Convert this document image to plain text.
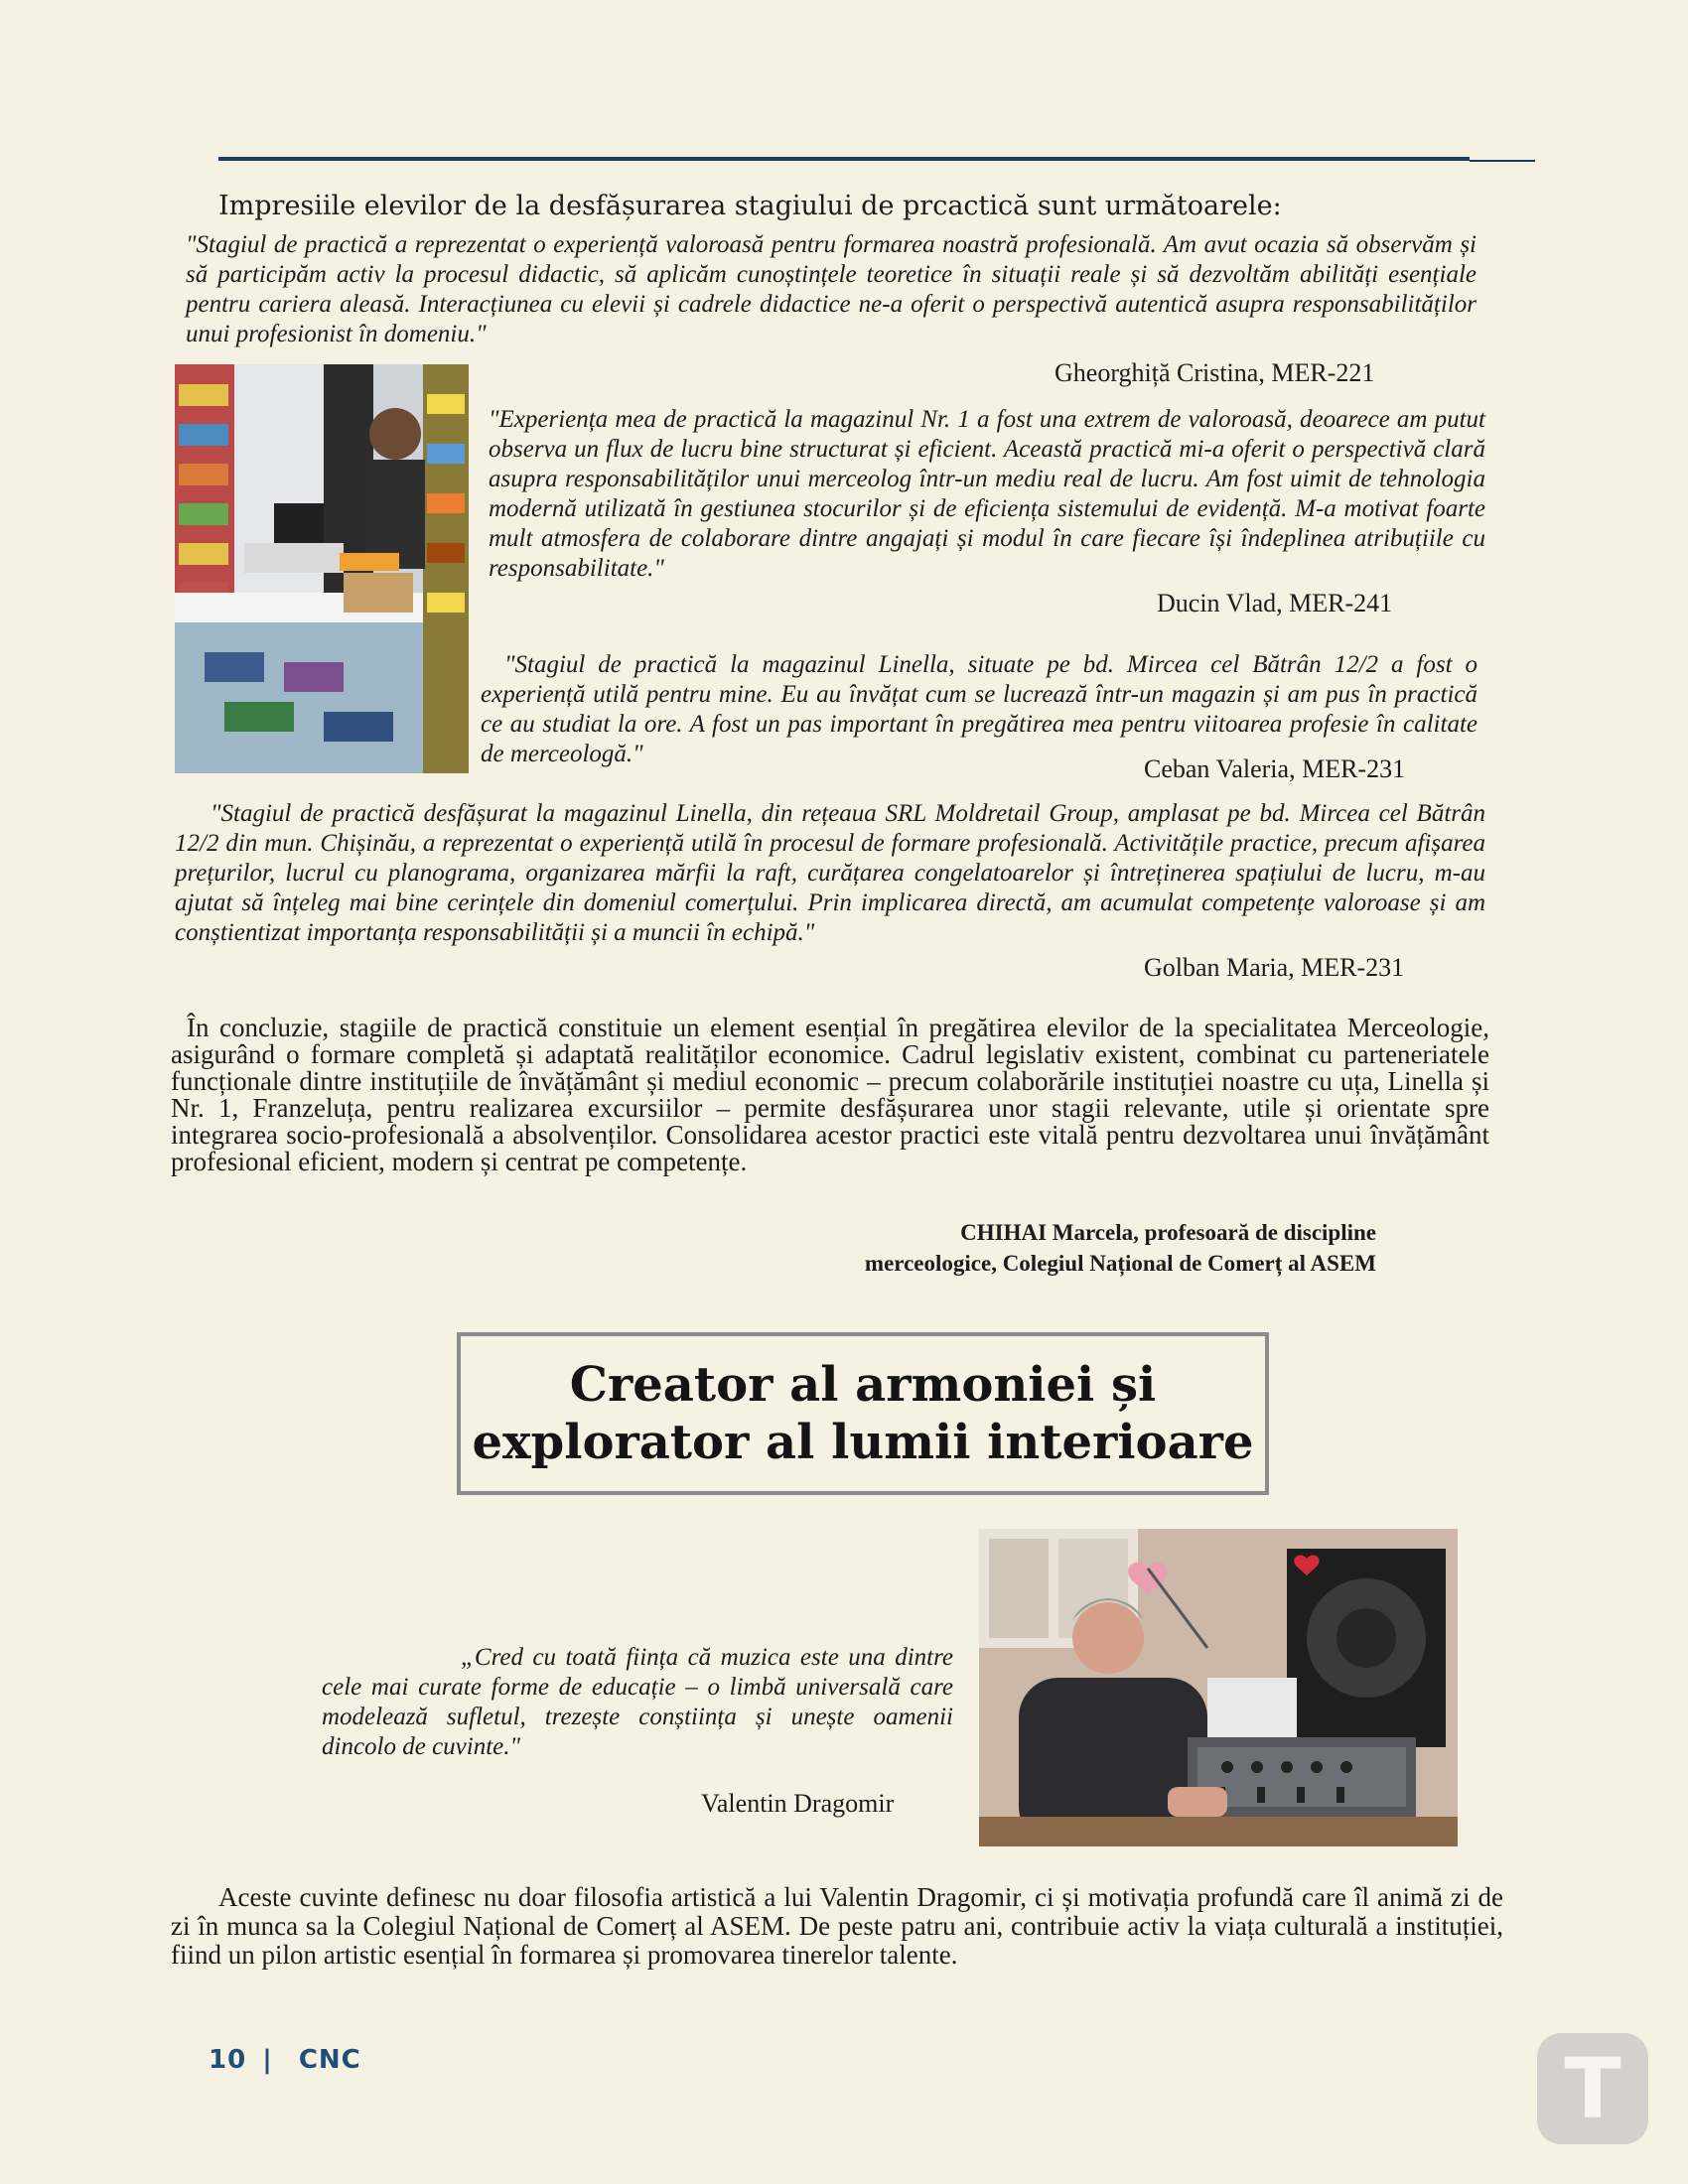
Impresiile elevilor de la desfășurarea stagiului de prcactică sunt următoarele:

"Stagiul de practică a reprezentat o experiență valoroasă pentru formarea noastră profesională. Am avut ocazia să observăm și să participăm activ la procesul didactic, să aplicăm cunoștințele teoretice în situații reale și să dezvoltăm abilități esențiale pentru cariera aleasă. Interacțiunea cu elevii și cadrele didactice ne-a oferit o perspectivă autentică asupra responsabilităților unui profesionist în domeniu."

Gheorghiță Cristina, MER-221

"Experiența mea de practică la magazinul Nr. 1 a fost una extrem de valoroasă, deoarece am putut observa un flux de lucru bine structurat și eficient. Această practică mi-a oferit o perspectivă clară asupra responsabilităților unui merceolog într-un mediu real de lucru. Am fost uimit de tehnologia modernă utilizată în gestiunea stocurilor și de eficiența sistemului de evidență. M-a motivat foarte mult atmosfera de colaborare dintre angajați și modul în care fiecare își îndeplinea atribuțiile cu responsabilitate."

Ducin Vlad, MER-241

"Stagiul de practică la magazinul Linella, situate pe bd. Mircea cel Bătrân 12/2 a fost o experiență utilă pentru mine. Eu au învățat cum se lucrează într-un magazin și am pus în practică ce au studiat la ore. A fost un pas important în pregătirea mea pentru viitoarea profesie în calitate de merceologă."

Ceban Valeria, MER-231

"Stagiul de practică desfășurat la magazinul Linella, din rețeaua SRL Moldretail Group, amplasat pe bd. Mircea cel Bătrân 12/2 din mun. Chișinău, a reprezentat o experiență utilă în procesul de formare profesională. Activitățile practice, precum afișarea prețurilor, lucrul cu planograma, organizarea mărfii la raft, curățarea congelatoarelor și întreținerea spațiului de lucru, m-au ajutat să înțeleg mai bine cerințele din domeniul comerțului. Prin implicarea directă, am acumulat competențe valoroase și am conștientizat importanța responsabilității și a muncii în echipă."

Golban Maria, MER-231

În concluzie, stagiile de practică constituie un element esențial în pregătirea elevilor de la specialitatea Merceologie, asigurând o formare completă și adaptată realităților economice. Cadrul legislativ existent, combinat cu parteneriatele funcționale dintre instituțiile de învățământ și mediul economic – precum colaborările instituției noastre cu uța, Linella și Nr. 1, Franzeluța, pentru realizarea excursiilor – permite desfășurarea unor stagii relevante, utile și orientate spre integrarea socio-profesională a absolvenților. Consolidarea acestor practici este vitală pentru dezvoltarea unui învățământ profesional eficient, modern și centrat pe competențe.

CHIHAI Marcela, profesoară de discipline
merceologice, Colegiul Național de Comerț al ASEM
Creator al armoniei și
explorator al lumii interioare

„Cred cu toată ființa că muzica este una dintre cele mai curate forme de educație – o limbă universală care modelează sufletul, trezește conștiința și unește oamenii dincolo de cuvinte."

Valentin Dragomir

Aceste cuvinte definesc nu doar filosofia artistică a lui Valentin Dragomir, ci și motivația profundă care îl animă zi de zi în munca sa la Colegiul Național de Comerț al ASEM. De peste patru ani, contribuie activ la viața culturală a instituției, fiind un pilon artistic esențial în formarea și promovarea tinerelor talente.

10 | CNC	T
